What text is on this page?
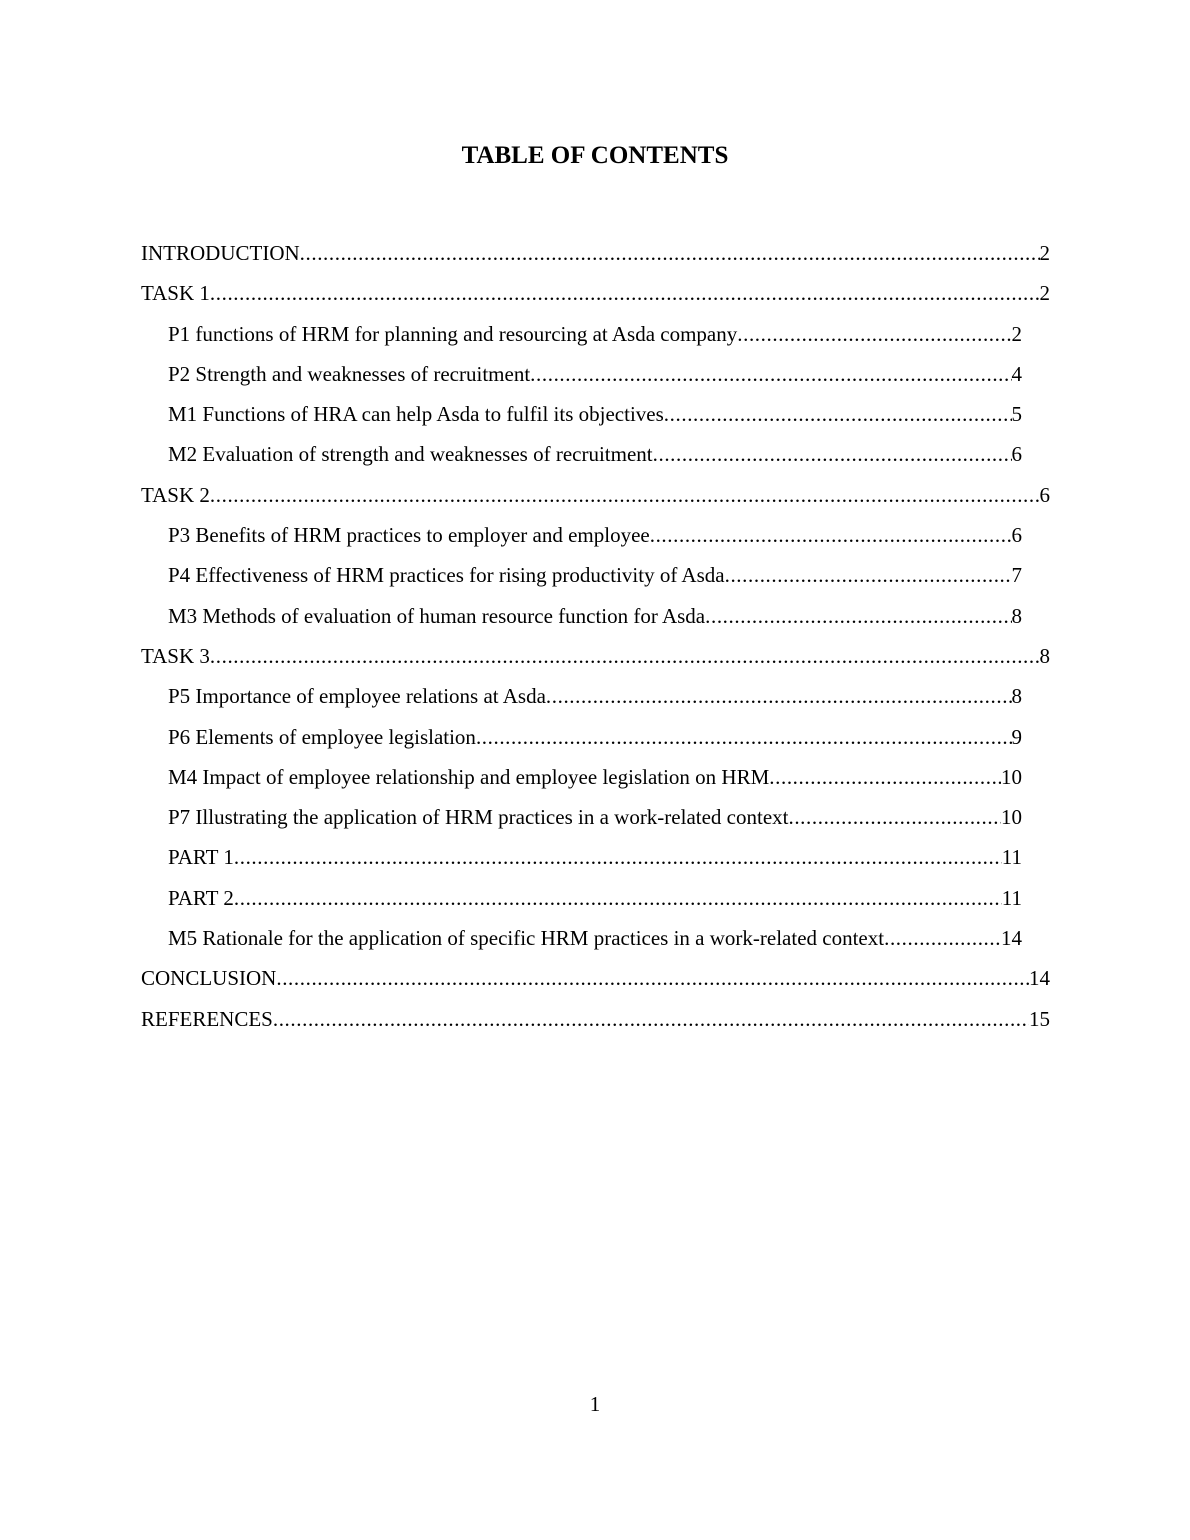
TABLE OF CONTENTS
INTRODUCTION .....	2
TASK 1 .....	2
P1 functions of HRM for planning and resourcing at Asda company .....	2
P2 Strength and weaknesses of recruitment .....	4
M1 Functions of HRA can help Asda to fulfil its objectives .....	5
M2 Evaluation of strength and weaknesses of recruitment .....	6
TASK 2 .....	6
P3 Benefits of HRM practices to employer and employee .....	6
P4 Effectiveness of HRM practices for rising productivity of Asda .....	7
M3 Methods of evaluation of human resource function for Asda .....	8
TASK 3 .....	8
P5 Importance of employee relations at Asda .....	8
P6 Elements of employee legislation .....	9
M4 Impact of employee relationship and employee legislation on HRM .....	10
P7 Illustrating the application of HRM practices in a work-related context .....	10
PART 1 .....	11
PART 2 .....	11
M5 Rationale for the application of specific HRM practices in a work-related context .....	14
CONCLUSION .....	14
REFERENCES .....	15
1
